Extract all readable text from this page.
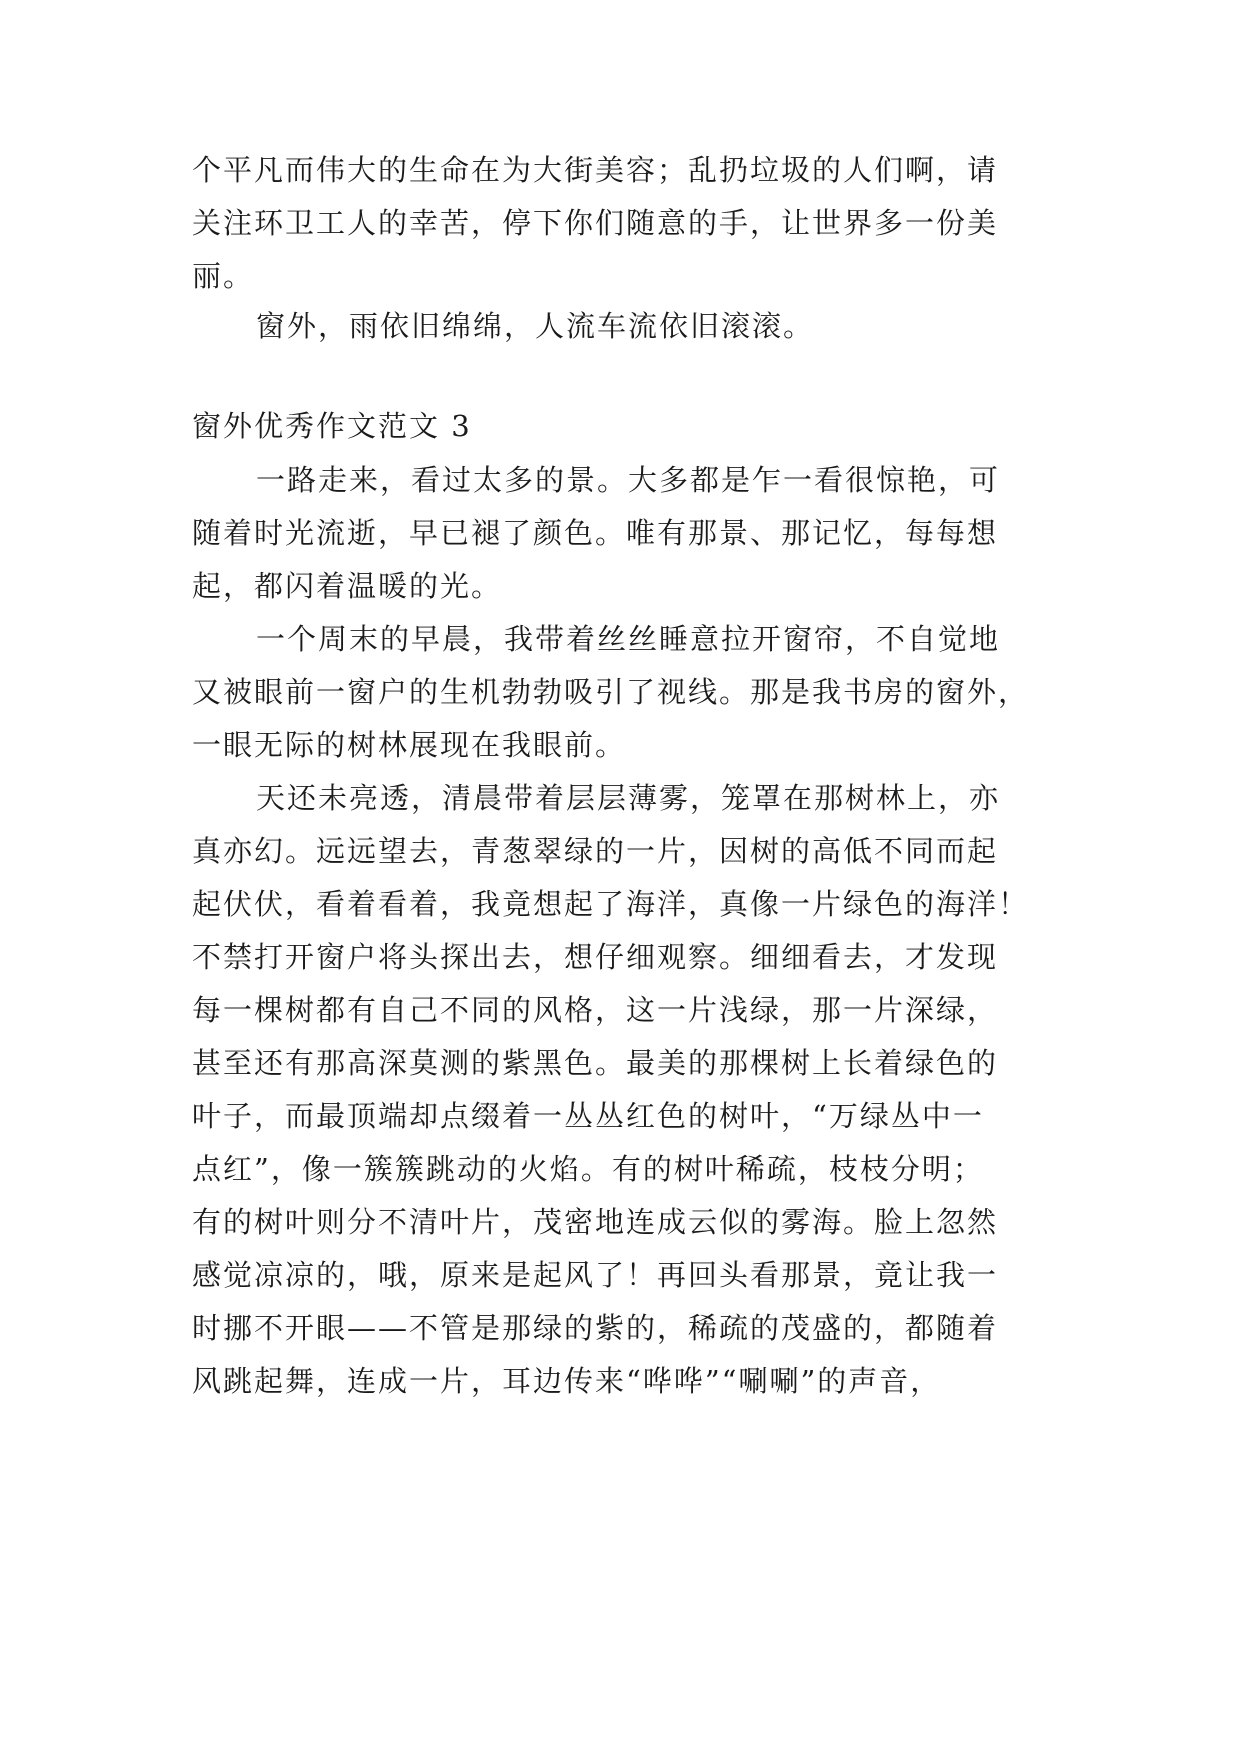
个平凡而伟大的生命在为大街美容；乱扔垃圾的人们啊，请
关注环卫工人的幸苦，停下你们随意的手，让世界多一份美
丽。
窗外，雨依旧绵绵，人流车流依旧滚滚。
窗外优秀作文范文 3
一路走来，看过太多的景。大多都是乍一看很惊艳，可
随着时光流逝，早已褪了颜色。唯有那景、那记忆，每每想
起，都闪着温暖的光。
一个周末的早晨，我带着丝丝睡意拉开窗帘，不自觉地
又被眼前一窗户的生机勃勃吸引了视线。那是我书房的窗外，
一眼无际的树林展现在我眼前。
天还未亮透，清晨带着层层薄雾，笼罩在那树林上，亦
真亦幻。远远望去，青葱翠绿的一片，因树的高低不同而起
起伏伏，看着看着，我竟想起了海洋，真像一片绿色的海洋！
不禁打开窗户将头探出去，想仔细观察。细细看去，才发现
每一棵树都有自己不同的风格，这一片浅绿，那一片深绿，
甚至还有那高深莫测的紫黑色。最美的那棵树上长着绿色的
叶子，而最顶端却点缀着一丛丛红色的树叶，“万绿丛中一
点红”，像一簇簇跳动的火焰。有的树叶稀疏，枝枝分明；
有的树叶则分不清叶片，茂密地连成云似的雾海。脸上忽然
感觉凉凉的，哦，原来是起风了！再回头看那景，竟让我一
时挪不开眼——不管是那绿的紫的，稀疏的茂盛的，都随着
风跳起舞，连成一片，耳边传来“哗哗”“唰唰”的声音，
